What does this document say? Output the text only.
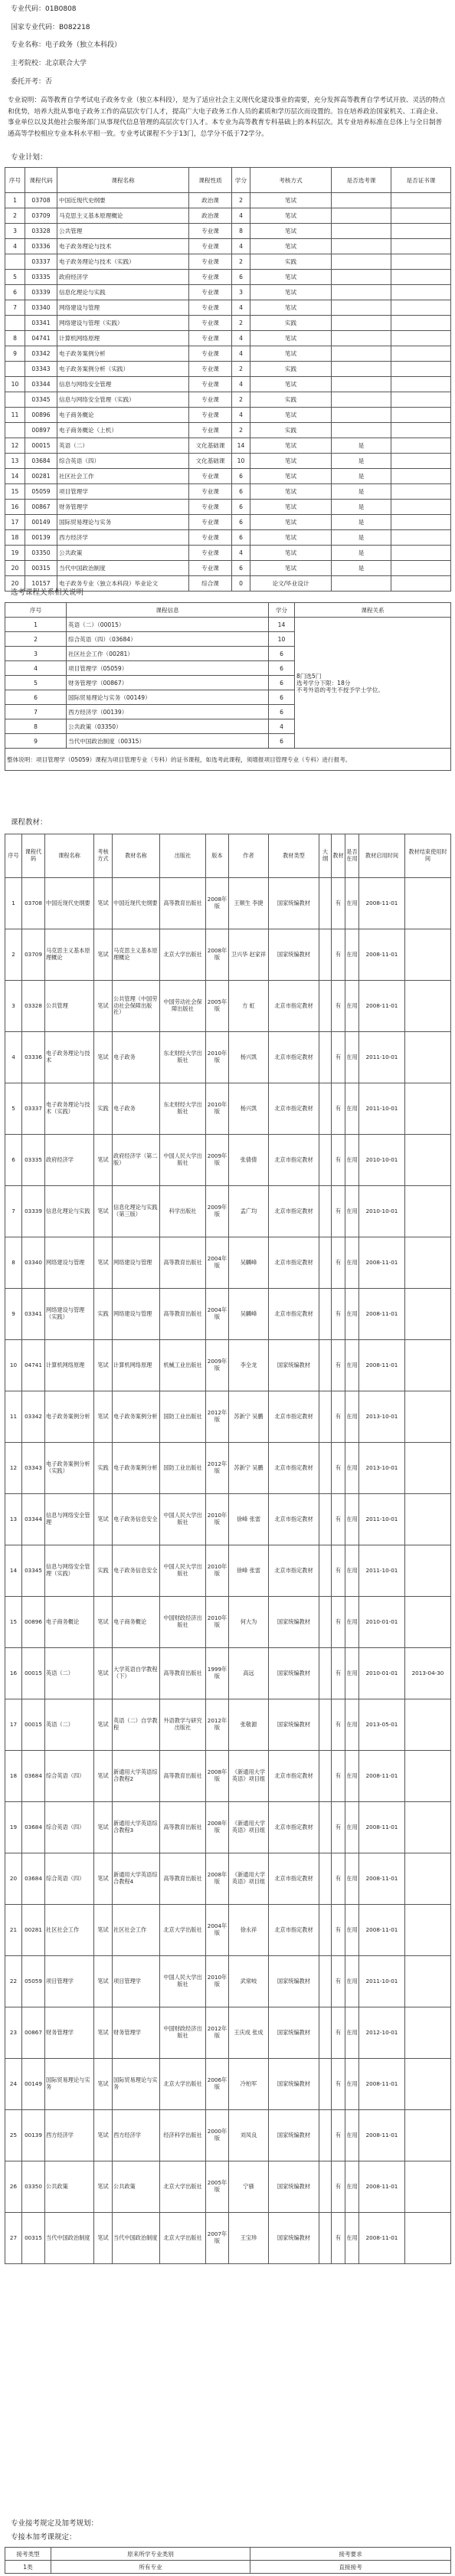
专业代码：01B0808
国家专业代码：B082218
专业名称：电子政务（独立本科段）
主考院校：北京联合大学
委托开考：否
专业说明：高等教育自学考试电子政务专业（独立本科段），是为了适应社会主义现代化建设事业的需要，充分发挥高等教育自学考试开放、灵活的特点和优势，培养大批从事电子政务工作的高层次专门人才，提高广大电子政务工作人员的素质和学历层次而设置的。旨在培养政治国家机关、工商企业、事业单位以及其他社会服务部门从事现代信息管理的高层次专门人才。本专业为高等教育专科基础上的本科层次。其专业培养标准在总体上与全日制普通高等学校相应专业本科水平相一致。专业考试课程不少于13门，总学分不低于72学分。
专业计划：
序号	课程代码	课程名称	课程性质	学分	考核方式	是否选考课	是否证书课
1	03708	中国近现代史纲要	政治课	2	笔试		
2	03709	马克思主义基本原理概论	政治课	4	笔试		
3	03328	公共管理	专业课	8	笔试		
4	03336	电子政务理论与技术	专业课	4	笔试		
	03337	电子政务理论与技术（实践）	专业课	2	实践		
5	03335	政府经济学	专业课	6	笔试		
6	03339	信息化理论与实践	专业课	3	笔试		
7	03340	网络建设与管理	专业课	4	笔试		
	03341	网络建设与管理（实践）	专业课	2	实践		
8	04741	计算机网络原理	专业课	4	笔试		
9	03342	电子政务案例分析	专业课	4	笔试		
	03343	电子政务案例分析（实践）	专业课	2	实践		
10	03344	信息与网络安全管理	专业课	4	笔试		
	03345	信息与网络安全管理（实践）	专业课	2	实践		
11	00896	电子商务概论	专业课	4	笔试		
	00897	电子商务概论（上机）	专业课	2	实践		
12	00015	英语（二）	文化基础课	14	笔试	是	
13	03684	综合英语（四）	文化基础课	10	笔试	是	
14	00281	社区社会工作	专业课	6	笔试	是	
15	05059	项目管理学	专业课	6	笔试	是	
16	00867	财务管理学	专业课	6	笔试	是	
17	00149	国际贸易理论与实务	专业课	6	笔试	是	
18	00139	西方经济学	专业课	6	笔试	是	
19	03350	公共政策	专业课	4	笔试	是	
20	00315	当代中国政治制度	专业课	6	笔试	是	
20	10157	电子政务专业（独立本科段）毕业论文	综合课	0	论文/毕业设计		
选考课程关系相关说明
序号	课程信息	学分	课程关系
1	英语（二）（00015）	14	8门选5门
选考学分下限：18分
不考外语的考生不授予学士学位。
2	综合英语（四）（03684）	10	
3	社区社会工作（00281）	6	
4	项目管理学（05059）	6	
5	财务管理学（00867）	6	
6	国际贸易理论与实务（00149）	6	
7	西方经济学（00139）	6	
8	公共政策（03350）	4	
9	当代中国政治制度（00315）	6	
整体说明：项目管理学（05059）课程为项目管理专业（专科）的证书课程，如选考此课程，须增报项目管理专业（专科）进行报考。			
课程教材：
序号	课程代码	课程名称	考核方式	教材名称	出版社	版本	作者	教材类型	大纲	教材	是否在用	教材启用时间	教材结束使用时间
1	03708	中国近现代史纲要	笔试	中国近现代史纲要	高等教育出版社	2008年版	王顺生 李捷	国家统编教材		有	在用	2008-11-01	
2	03709	马克思主义基本原理概论	笔试	马克思主义基本原理概论	北京大学出版社	2008年版	卫兴华 赵家祥	国家统编教材		有	在用	2008-11-01	
3	03328	公共管理	笔试	公共管理（中国劳动社会保障出版社）	中国劳动社会保障出版社	2005年版	方 虹	北京市指定教材		有	在用	2008-11-01	
4	03336	电子政务理论与技术	笔试	电子政务	东北财经大学出版社	2010年版	杨兴凯	北京市指定教材		有	在用	2011-10-01	
5	03337	电子政务理论与技术（实践）	实践	电子政务	东北财经大学出版社	2010年版	杨兴凯	北京市指定教材		有	在用	2011-10-01	
6	03335	政府经济学	笔试	政府经济学（第二版）	中国人民大学出版社	2009年版	张倩倩	北京市指定教材		有	在用	2010-10-01	
7	03339	信息化理论与实践	笔试	信息化理论与实践（第三版）	科学出版社	2009年版	孟广均	北京市指定教材		有	在用	2010-10-01	
8	03340	网络建设与管理	笔试	网络建设与管理	高等教育出版社	2004年版	吴麟峰	北京市指定教材		有	在用	2008-11-01	
9	03341	网络建设与管理（实践）	实践	网络建设与管理	高等教育出版社	2004年版	吴麟峰	北京市指定教材		有	在用	2008-11-01	
10	04741	计算机网络原理	笔试	计算机网络原理	机械工业出版社	2009年版	李全龙	国家统编教材		有	在用	2008-11-01	
11	03342	电子政务案例分析	笔试	电子政务案例分析	国防工业出版社	2012年版	苏新宁 吴鹏	北京市指定教材		有	在用	2013-10-01	
12	03343	电子政务案例分析（实践）	实践	电子政务案例分析	国防工业出版社	2012年版	苏新宁 吴鹏	北京市指定教材		有	在用	2013-10-01	
13	03344	信息与网络安全管理	笔试	电子政务信息安全	中国人民大学出版社	2010年版	徐峰 张雷	北京市指定教材		有	在用	2011-10-01	
14	03345	信息与网络安全管理（实践）	实践	电子政务信息安全	中国人民大学出版社	2010年版	徐峰 张雷	北京市指定教材		有	在用	2011-10-01	
15	00896	电子商务概论	笔试	电子商务概论	中国财政经济出版社	2010年版	何大为	国家统编教材		有	在用	2010-01-01	
16	00015	英语（二）	笔试	大学英语自学教程（下）	高等教育出版社	1999年版	高远	国家统编教材		有	在用	2010-01-01	2013-04-30
17	00015	英语（二）	笔试	英语（二）自学教程	外语教学与研究出版社	2012年版	张敬源	国家统编教材		有	在用	2013-05-01	
18	03684	综合英语（四）	笔试	新通用大学英语综合教程2	高等教育出版社	2008年版	《新通用大学英语》项目组	北京市指定教材		有	在用	2008-11-01	
19	03684	综合英语（四）	笔试	新通用大学英语综合教程3	高等教育出版社	2008年版	《新通用大学英语》项目组	北京市指定教材		有	在用	2008-11-01	
20	03684	综合英语（四）	笔试	新通用大学英语综合教程4	高等教育出版社	2008年版	《新通用大学英语》项目组	北京市指定教材		有	在用	2008-11-01	
21	00281	社区社会工作	笔试	社区社会工作	北京大学出版社	2004年版	徐永祥	北京市指定教材		有	在用	2008-11-01	
22	05059	项目管理学	笔试	项目管理学	中国人民大学出版社	2010年版	武常岐	国家统编教材		有	在用	2011-10-01	
23	00867	财务管理学	笔试	财务管理学	中国财政经济出版社	2012年版	王庆成 张成	国家统编教材		有	在用	2012-10-01	
24	00149	国际贸易理论与实务	笔试	国际贸易理论与实务	北京大学出版社	2006年版	冷柏军	国家统编教材		有	在用	2008-11-01	
25	00139	西方经济学	笔试	西方经济学	经济科学出版社	2000年版	刘凤良	国家统编教材		有	在用	2008-11-01	
26	03350	公共政策	笔试	公共政策	北京大学出版社	2005年版	宁骚	国家统编教材		有	在用	2008-11-01	
27	00315	当代中国政治制度	笔试	当代中国政治制度	北京大学出版社	2007年版	王宝珍	国家统编教材		有	在用	2008-11-01	
专业接考规定及加考规划：
专接本加考课规定：
接考类型	原来所学专业类别	接考要求
1类	所有专业	直接接考
